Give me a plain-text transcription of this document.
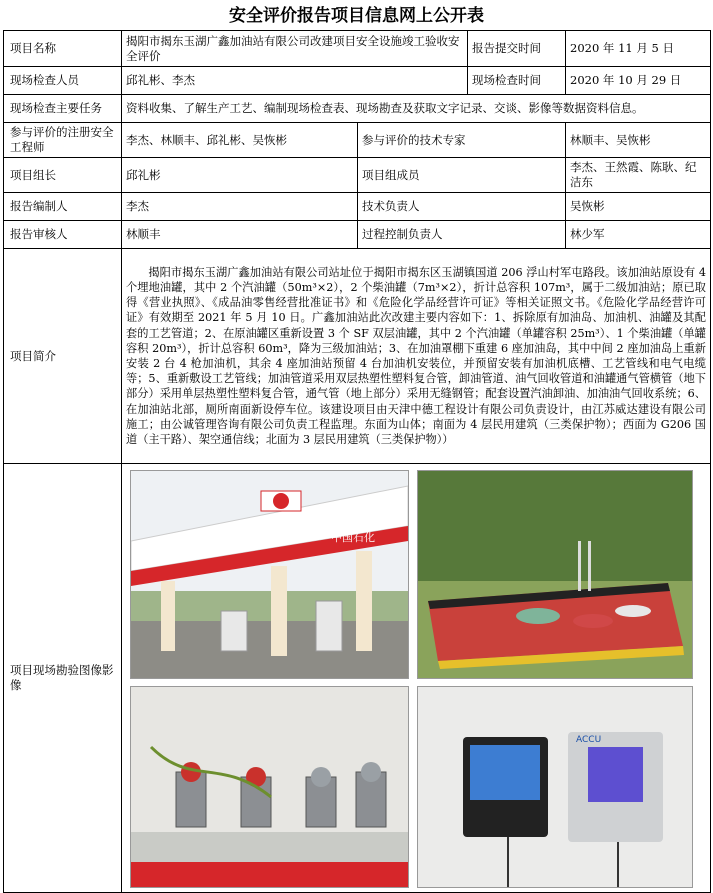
安全评价报告项目信息网上公开表
项目名称	揭阳市揭东玉湖广鑫加油站有限公司改建项目安全设施竣工验收安全评价		报告提交时间	2020 年 11 月 5 日
现场检查人员	邱礼彬、李杰		现场检查时间	2020 年 10 月 29 日
现场检查主要任务	资料收集、了解生产工艺、编制现场检查表、现场勘查及获取文字记录、交谈、影像等数据资料信息。			
参与评价的注册安全工程师	李杰、林顺丰、邱礼彬、吴恢彬	参与评价的技术专家		林顺丰、吴恢彬
项目组长	邱礼彬	项目组成员		李杰、王然霞、陈耿、纪洁东
报告编制人	李杰	技术负责人		吴恢彬
报告审核人	林顺丰	过程控制负责人		林少军
项目简介	揭阳市揭东玉湖广鑫加油站有限公司站址位于揭阳市揭东区玉湖镇国道 206 浮山村军屯路段。该加油站原设有 4 个埋地油罐，其中 2 个汽油罐（50m³×2），2 个柴油罐（7m³×2），折计总容积 107m³，属于二级加油站；原已取得《营业执照》、《成品油零售经营批准证书》和《危险化学品经营许可证》等相关证照文书。《危险化学品经营许可证》有效期至 2021 年 5 月 10 日。广鑫加油站此次改建主要内容如下：1、拆除原有加油岛、加油机、油罐及其配套的工艺管道；2、在原油罐区重新设置 3 个 SF 双层油罐，其中 2 个汽油罐（单罐容积 25m³）、1 个柴油罐（单罐容积 20m³），折计总容积 60m³，降为三级加油站；3、在加油罩棚下重建 6 座加油岛，其中中间 2 座加油岛上重新安装 2 台 4 枪加油机，其余 4 座加油站预留 4 台加油机安装位，并预留安装有加油机底槽、工艺管线和电气电缆等；5、重新敷设工艺管线；加油管道采用双层热塑性塑料复合管，卸油管道、油气回收管道和油罐通气管横管（地下部分）采用单层热塑性塑料复合管，通气管（地上部分）采用无缝钢管；配套设置汽油卸油、加油油气回收系统；6、在加油站北部，厕所南面新设停车位。该建设项目由天津中德工程设计有限公司负责设计，由江苏威达建设有限公司施工；由公诚管理咨询有限公司负责工程监理。东面为山体；南面为 4 层民用建筑（三类保护物）；西面为 G206 国道（主干路）、架空通信线；北面为 3 层民用建筑（三类保护物））			
项目现场勘验图像影像	中国石化
ACCU			
